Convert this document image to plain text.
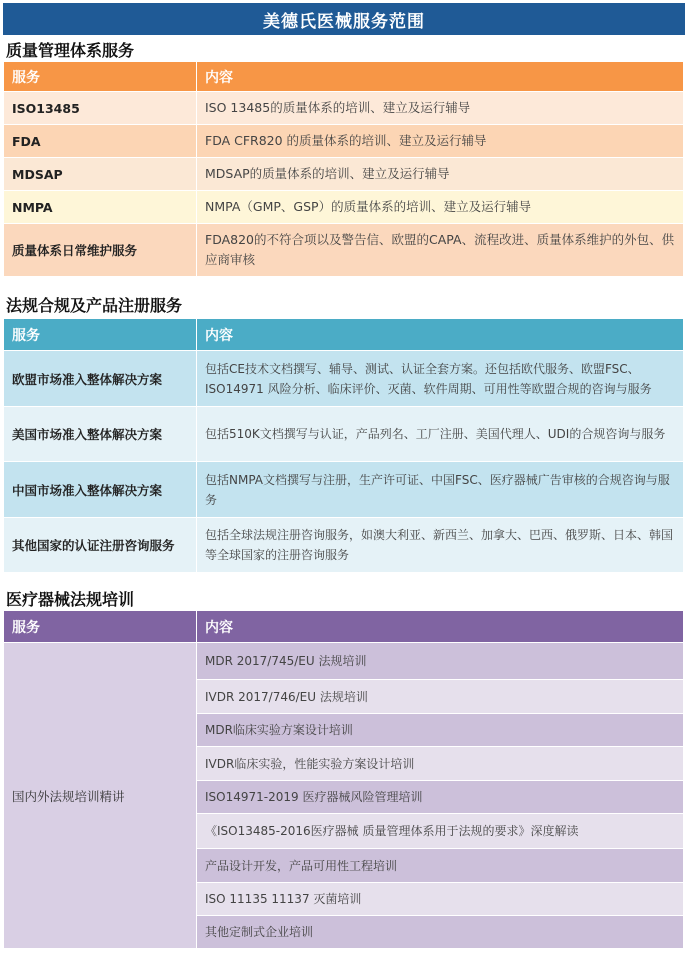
美德氏医械服务范围
质量管理体系服务
服务	内容
ISO13485	ISO 13485的质量体系的培训、建立及运行辅导
FDA	FDA CFR820 的质量体系的培训、建立及运行辅导
MDSAP	MDSAP的质量体系的培训、建立及运行辅导
NMPA	NMPA（GMP、GSP）的质量体系的培训、建立及运行辅导
质量体系日常维护服务	FDA820的不符合项以及警告信、欧盟的CAPA、流程改进、质量体系维护的外包、供应商审核
法规合规及产品注册服务
服务	内容
欧盟市场准入整体解决方案	包括CE技术文档撰写、辅导、测试、认证全套方案。还包括欧代服务、欧盟FSC、ISO14971 风险分析、临床评价、灭菌、软件周期、可用性等欧盟合规的咨询与服务
美国市场准入整体解决方案	包括510K文档撰写与认证，产品列名、工厂注册、美国代理人、UDI的合规咨询与服务
中国市场准入整体解决方案	包括NMPA文档撰写与注册，生产许可证、中国FSC、医疗器械广告审核的合规咨询与服务
其他国家的认证注册咨询服务	包括全球法规注册咨询服务，如澳大利亚、新西兰、加拿大、巴西、俄罗斯、日本、韩国等全球国家的注册咨询服务
医疗器械法规培训
服务	内容
国内外法规培训精讲	MDR 2017/745/EU 法规培训
	IVDR 2017/746/EU 法规培训
	MDR临床实验方案设计培训
	IVDR临床实验，性能实验方案设计培训
	ISO14971-2019 医疗器械风险管理培训
	《ISO13485-2016医疗器械 质量管理体系用于法规的要求》深度解读
	产品设计开发，产品可用性工程培训
	ISO 11135 11137 灭菌培训
	其他定制式企业培训
